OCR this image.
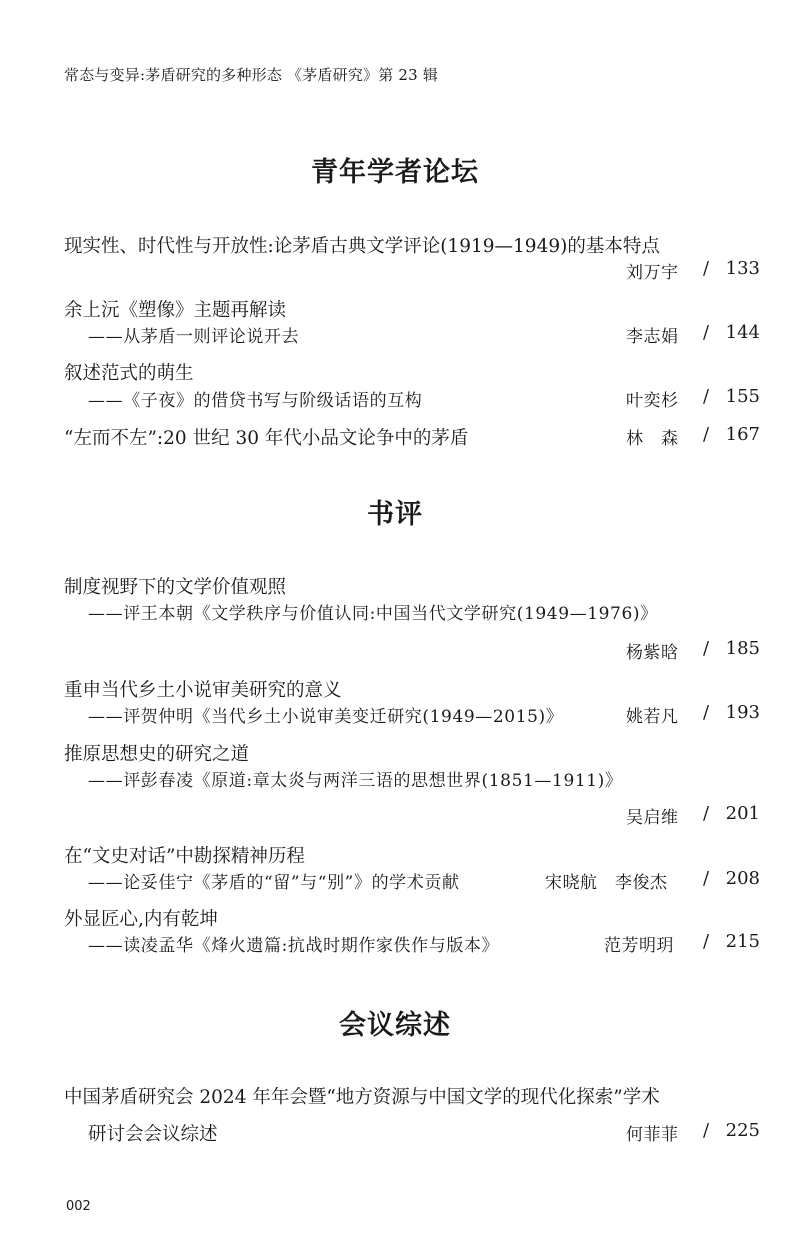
常态与变异:茅盾研究的多种形态 《茅盾研究》第 23 辑
青年学者论坛
现实性、时代性与开放性:论茅盾古典文学评论(1919—1949)的基本特点
刘万宇 / 133
余上沅《塑像》主题再解读
——从茅盾一则评论说开去	李志娟 / 144
叙述范式的萌生
——《子夜》的借贷书写与阶级话语的互构	叶奕杉 / 155
“左而不左”:20 世纪 30 年代小品文论争中的茅盾	林　森 / 167
书评
制度视野下的文学价值观照
——评王本朝《文学秩序与价值认同:中国当代文学研究(1949—1976)》
杨紫晗 / 185
重申当代乡土小说审美研究的意义
——评贺仲明《当代乡土小说审美变迁研究(1949—2015)》	姚若凡 / 193
推原思想史的研究之道
——评彭春凌《原道:章太炎与两洋三语的思想世界(1851—1911)》
吴启维 / 201
在“文史对话”中勘探精神历程
——论妥佳宁《茅盾的“留”与“别”》的学术贡献	宋晓航　李俊杰 / 208
外显匠心,内有乾坤
——读凌孟华《烽火遗篇:抗战时期作家佚作与版本》	范芳明玥 / 215
会议综述
中国茅盾研究会 2024 年年会暨“地方资源与中国文学的现代化探索”学术
研讨会会议综述	何菲菲 / 225
002
